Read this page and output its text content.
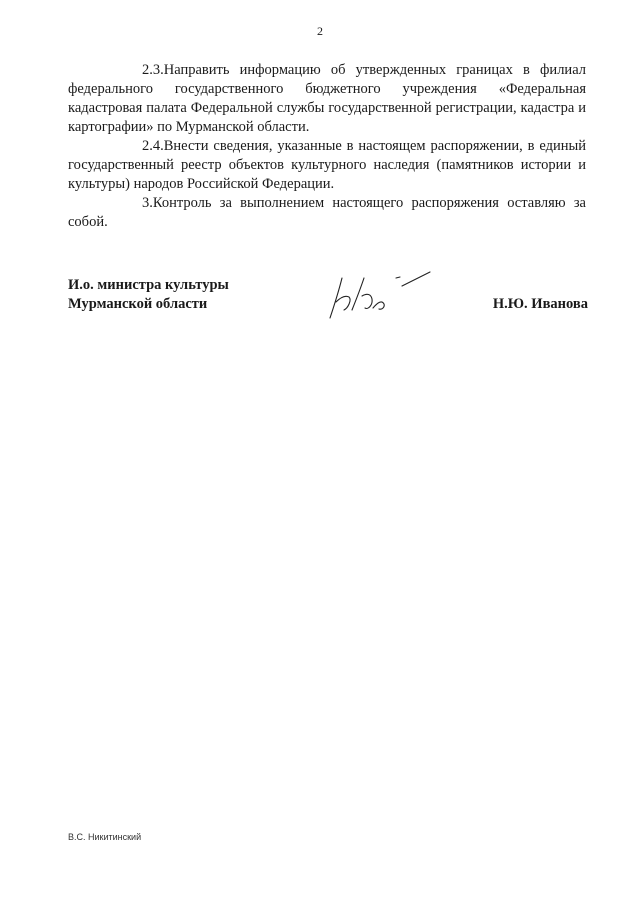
2

2.3.Направить информацию об утвержденных границах в филиал федерального государственного бюджетного учреждения «Федеральная кадастровая палата Федеральной службы государственной регистрации, кадастра и картографии» по Мурманской области.

2.4.Внести сведения, указанные в настоящем распоряжении, в единый государственный реестр объектов культурного наследия (памятников истории и культуры) народов Российской Федерации.

3.Контроль за выполнением настоящего распоряжения оставляю за собой.

И.о. министра культуры
Мурманской области	Н.Ю. Иванова
В.С. Никитинский
